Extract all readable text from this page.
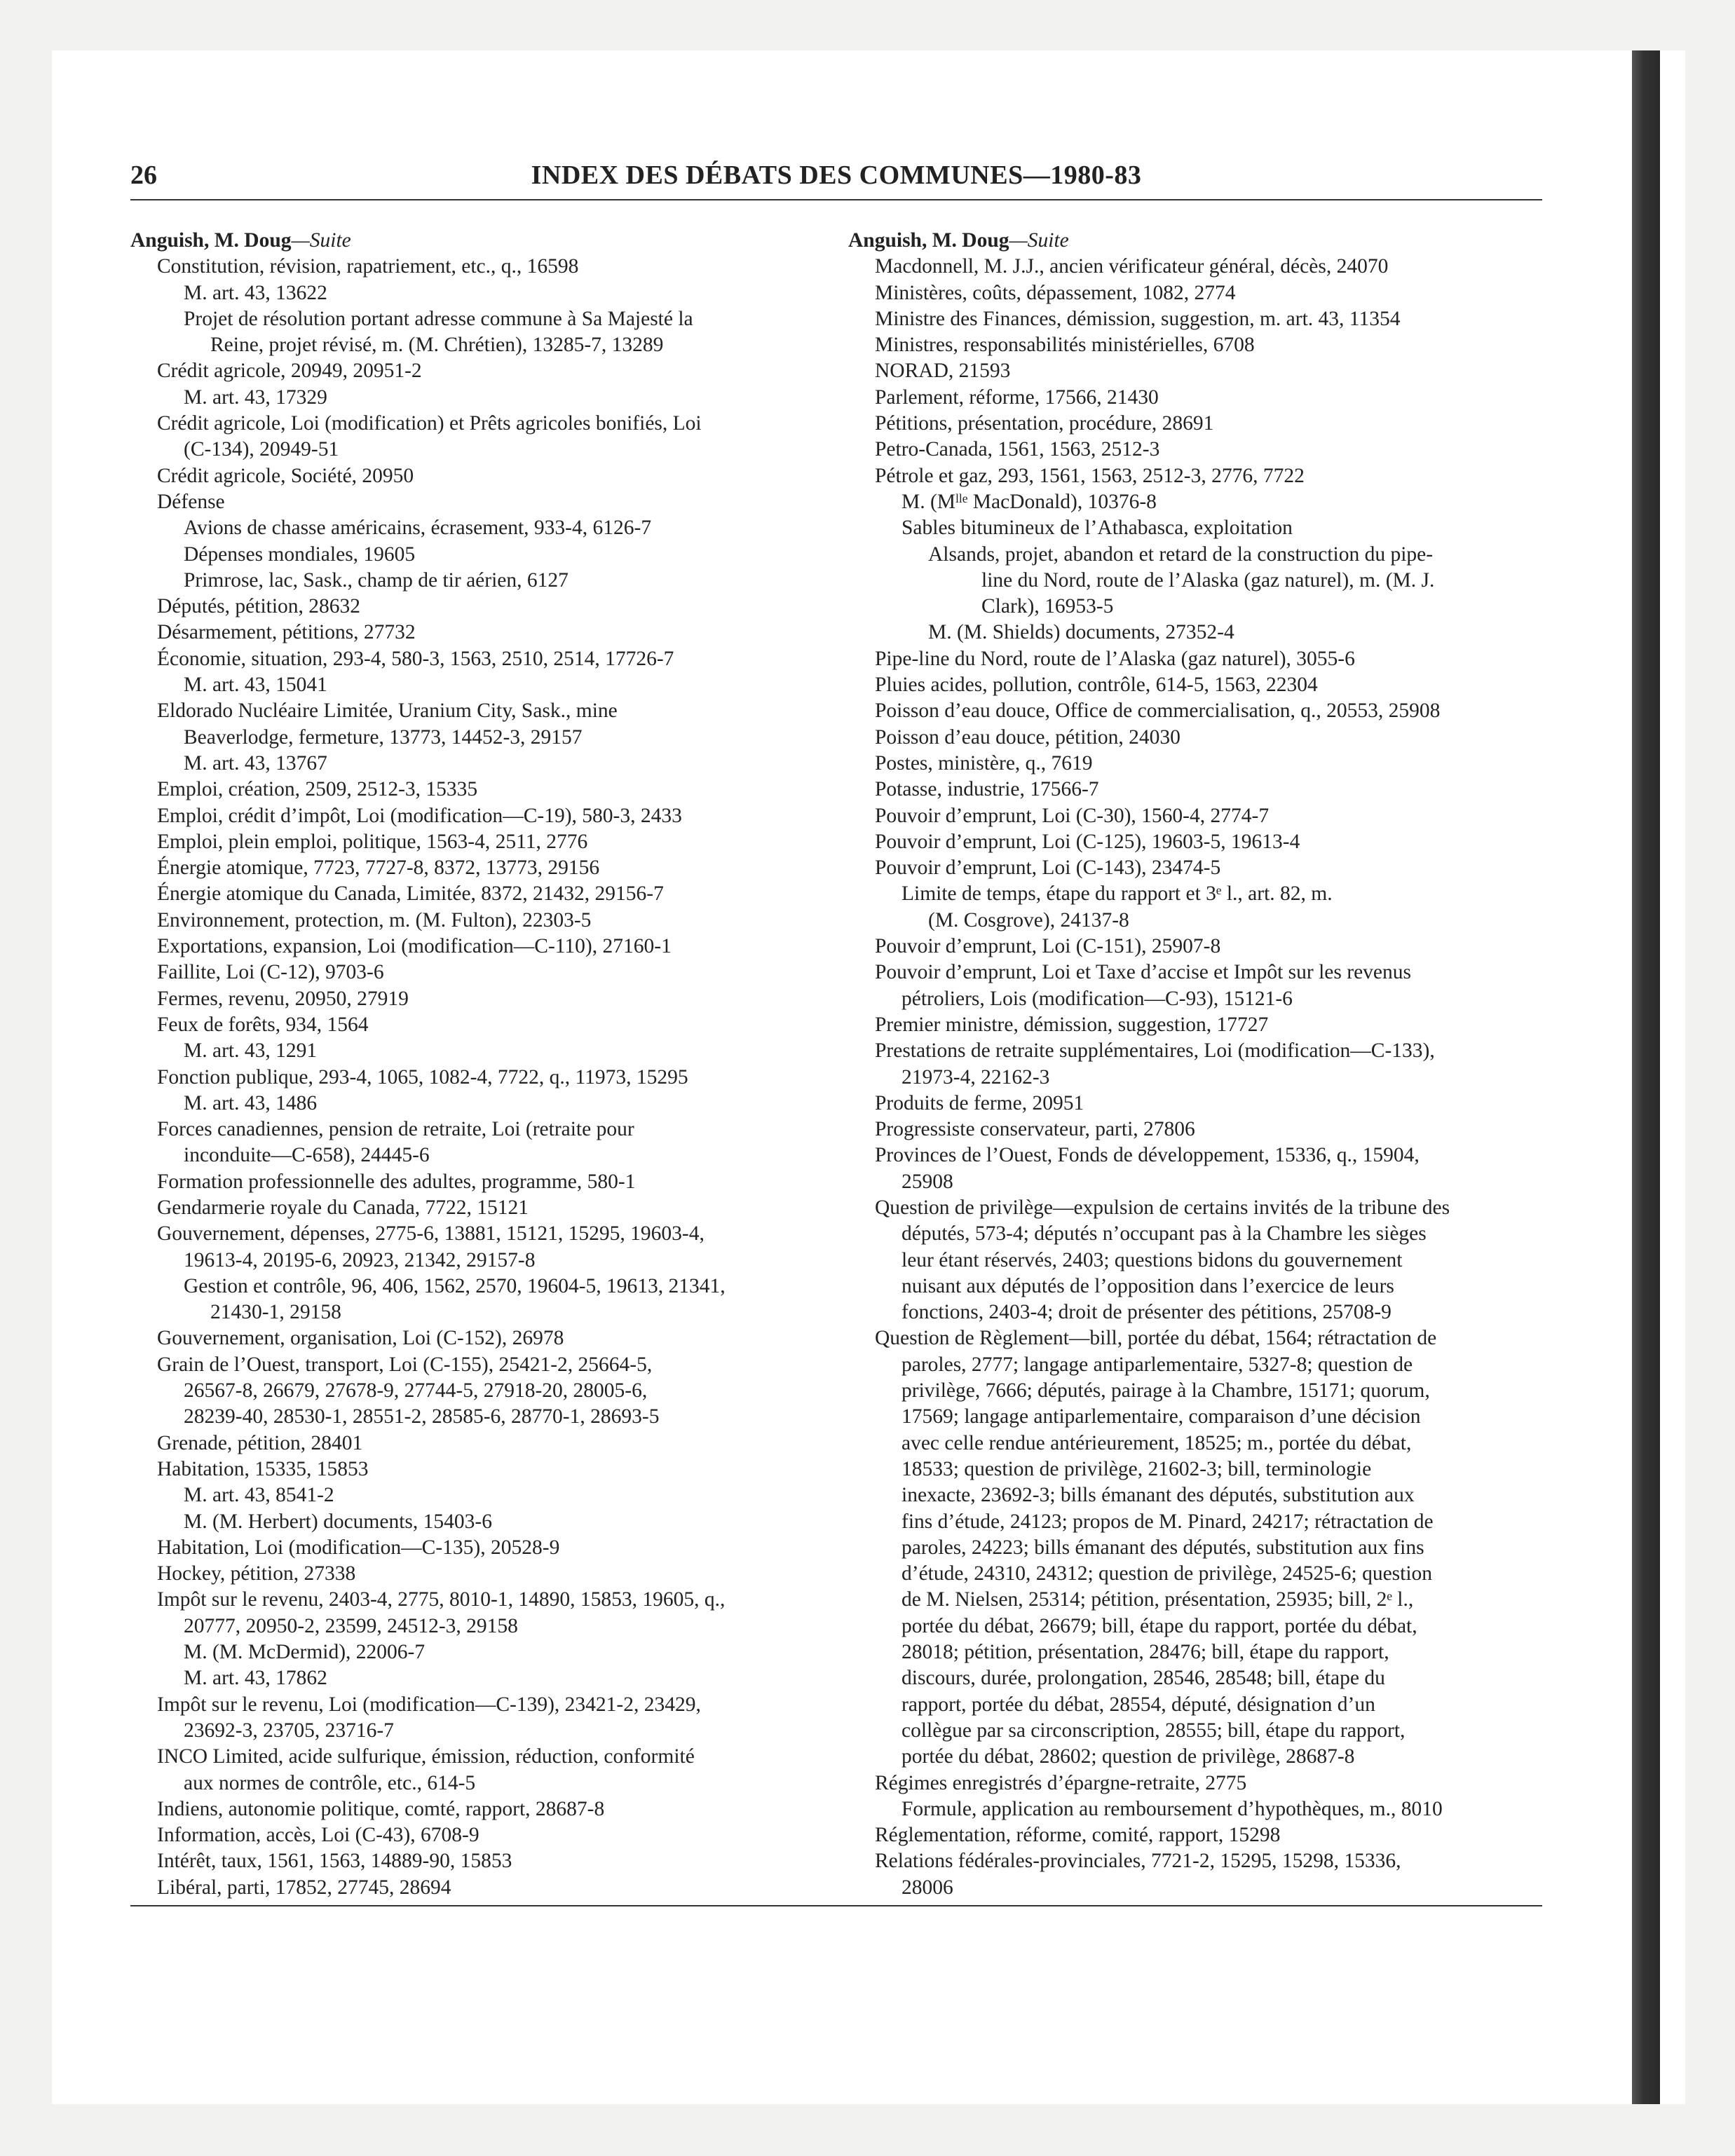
26	INDEX DES DÉBATS DES COMMUNES—1980-83
Anguish, M. Doug—Suite
Constitution, révision, rapatriement, etc., q., 16598
M. art. 43, 13622
Projet de résolution portant adresse commune à Sa Majesté la
Reine, projet révisé, m. (M. Chrétien), 13285-7, 13289
Crédit agricole, 20949, 20951-2
M. art. 43, 17329
Crédit agricole, Loi (modification) et Prêts agricoles bonifiés, Loi
(C-134), 20949-51
Crédit agricole, Société, 20950
Défense
Avions de chasse américains, écrasement, 933-4, 6126-7
Dépenses mondiales, 19605
Primrose, lac, Sask., champ de tir aérien, 6127
Députés, pétition, 28632
Désarmement, pétitions, 27732
Économie, situation, 293-4, 580-3, 1563, 2510, 2514, 17726-7
M. art. 43, 15041
Eldorado Nucléaire Limitée, Uranium City, Sask., mine
Beaverlodge, fermeture, 13773, 14452-3, 29157
M. art. 43, 13767
Emploi, création, 2509, 2512-3, 15335
Emploi, crédit d’impôt, Loi (modification—C-19), 580-3, 2433
Emploi, plein emploi, politique, 1563-4, 2511, 2776
Énergie atomique, 7723, 7727-8, 8372, 13773, 29156
Énergie atomique du Canada, Limitée, 8372, 21432, 29156-7
Environnement, protection, m. (M. Fulton), 22303-5
Exportations, expansion, Loi (modification—C-110), 27160-1
Faillite, Loi (C-12), 9703-6
Fermes, revenu, 20950, 27919
Feux de forêts, 934, 1564
M. art. 43, 1291
Fonction publique, 293-4, 1065, 1082-4, 7722, q., 11973, 15295
M. art. 43, 1486
Forces canadiennes, pension de retraite, Loi (retraite pour
inconduite—C-658), 24445-6
Formation professionnelle des adultes, programme, 580-1
Gendarmerie royale du Canada, 7722, 15121
Gouvernement, dépenses, 2775-6, 13881, 15121, 15295, 19603-4,
19613-4, 20195-6, 20923, 21342, 29157-8
Gestion et contrôle, 96, 406, 1562, 2570, 19604-5, 19613, 21341,
21430-1, 29158
Gouvernement, organisation, Loi (C-152), 26978
Grain de l’Ouest, transport, Loi (C-155), 25421-2, 25664-5,
26567-8, 26679, 27678-9, 27744-5, 27918-20, 28005-6,
28239-40, 28530-1, 28551-2, 28585-6, 28770-1, 28693-5
Grenade, pétition, 28401
Habitation, 15335, 15853
M. art. 43, 8541-2
M. (M. Herbert) documents, 15403-6
Habitation, Loi (modification—C-135), 20528-9
Hockey, pétition, 27338
Impôt sur le revenu, 2403-4, 2775, 8010-1, 14890, 15853, 19605, q.,
20777, 20950-2, 23599, 24512-3, 29158
M. (M. McDermid), 22006-7
M. art. 43, 17862
Impôt sur le revenu, Loi (modification—C-139), 23421-2, 23429,
23692-3, 23705, 23716-7
INCO Limited, acide sulfurique, émission, réduction, conformité
aux normes de contrôle, etc., 614-5
Indiens, autonomie politique, comté, rapport, 28687-8
Information, accès, Loi (C-43), 6708-9
Intérêt, taux, 1561, 1563, 14889-90, 15853
Libéral, parti, 17852, 27745, 28694
Anguish, M. Doug—Suite
Macdonnell, M. J.J., ancien vérificateur général, décès, 24070
Ministères, coûts, dépassement, 1082, 2774
Ministre des Finances, démission, suggestion, m. art. 43, 11354
Ministres, responsabilités ministérielles, 6708
NORAD, 21593
Parlement, réforme, 17566, 21430
Pétitions, présentation, procédure, 28691
Petro-Canada, 1561, 1563, 2512-3
Pétrole et gaz, 293, 1561, 1563, 2512-3, 2776, 7722
M. (Mˡˡᵉ MacDonald), 10376-8
Sables bitumineux de l’Athabasca, exploitation
Alsands, projet, abandon et retard de la construction du pipe-
line du Nord, route de l’Alaska (gaz naturel), m. (M. J.
Clark), 16953-5
M. (M. Shields) documents, 27352-4
Pipe-line du Nord, route de l’Alaska (gaz naturel), 3055-6
Pluies acides, pollution, contrôle, 614-5, 1563, 22304
Poisson d’eau douce, Office de commercialisation, q., 20553, 25908
Poisson d’eau douce, pétition, 24030
Postes, ministère, q., 7619
Potasse, industrie, 17566-7
Pouvoir d’emprunt, Loi (C-30), 1560-4, 2774-7
Pouvoir d’emprunt, Loi (C-125), 19603-5, 19613-4
Pouvoir d’emprunt, Loi (C-143), 23474-5
Limite de temps, étape du rapport et 3ᵉ l., art. 82, m.
(M. Cosgrove), 24137-8
Pouvoir d’emprunt, Loi (C-151), 25907-8
Pouvoir d’emprunt, Loi et Taxe d’accise et Impôt sur les revenus
pétroliers, Lois (modification—C-93), 15121-6
Premier ministre, démission, suggestion, 17727
Prestations de retraite supplémentaires, Loi (modification—C-133),
21973-4, 22162-3
Produits de ferme, 20951
Progressiste conservateur, parti, 27806
Provinces de l’Ouest, Fonds de développement, 15336, q., 15904,
25908
Question de privilège—expulsion de certains invités de la tribune des
députés, 573-4; députés n’occupant pas à la Chambre les sièges
leur étant réservés, 2403; questions bidons du gouvernement
nuisant aux députés de l’opposition dans l’exercice de leurs
fonctions, 2403-4; droit de présenter des pétitions, 25708-9
Question de Règlement—bill, portée du débat, 1564; rétractation de
paroles, 2777; langage antiparlementaire, 5327-8; question de
privilège, 7666; députés, pairage à la Chambre, 15171; quorum,
17569; langage antiparlementaire, comparaison d’une décision
avec celle rendue antérieurement, 18525; m., portée du débat,
18533; question de privilège, 21602-3; bill, terminologie
inexacte, 23692-3; bills émanant des députés, substitution aux
fins d’étude, 24123; propos de M. Pinard, 24217; rétractation de
paroles, 24223; bills émanant des députés, substitution aux fins
d’étude, 24310, 24312; question de privilège, 24525-6; question
de M. Nielsen, 25314; pétition, présentation, 25935; bill, 2ᵉ l.,
portée du débat, 26679; bill, étape du rapport, portée du débat,
28018; pétition, présentation, 28476; bill, étape du rapport,
discours, durée, prolongation, 28546, 28548; bill, étape du
rapport, portée du débat, 28554, député, désignation d’un
collègue par sa circonscription, 28555; bill, étape du rapport,
portée du débat, 28602; question de privilège, 28687-8
Régimes enregistrés d’épargne-retraite, 2775
Formule, application au remboursement d’hypothèques, m., 8010
Réglementation, réforme, comité, rapport, 15298
Relations fédérales-provinciales, 7721-2, 15295, 15298, 15336,
28006
